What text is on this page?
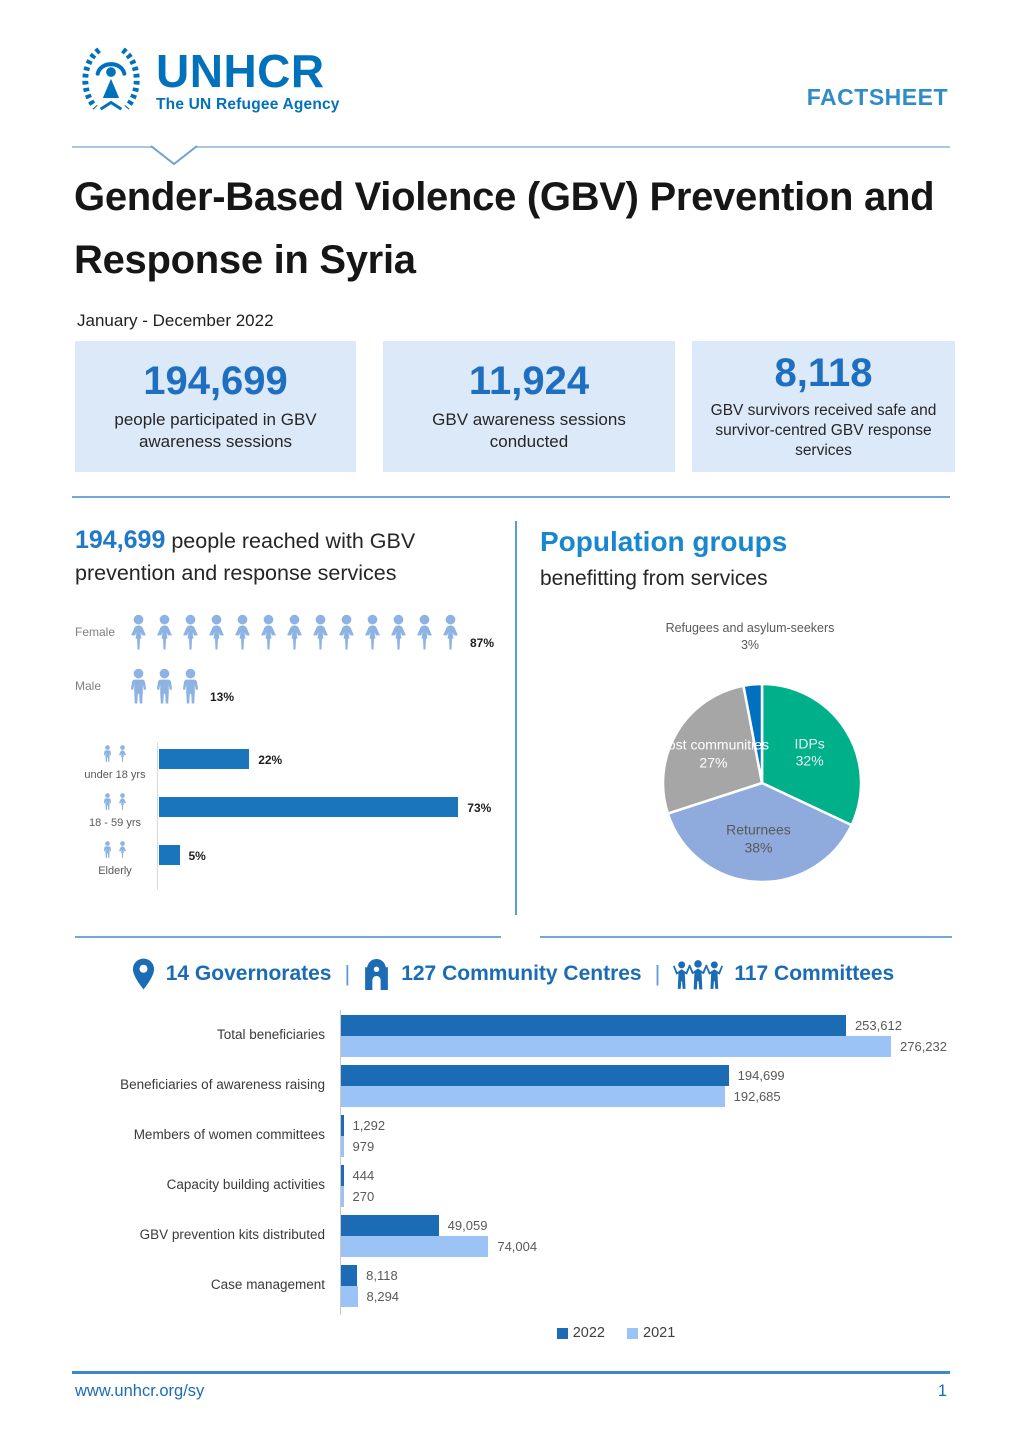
UNHCR
The UN Refugee Agency	FACTSHEET
Gender-Based Violence (GBV) Prevention and Response in Syria
January - December 2022
194,699
people participated in GBV awareness sessions
11,924
GBV awareness sessions conducted
8,118
GBV survivors received safe and survivor-centred GBV response services
194,699 people reached with GBV prevention and response services
Female
87%
Male
13%
under 18 yrs
22%
18 - 59 yrs
73%
Elderly
5%
Population groups
benefitting from services
Refugees and asylum-seekers
3%
IDPs
32%
Returnees
38%
Host communities
27%
14 Governorates | 127 Community Centres |	117 Committees
Total beneficiaries
253,612
276,232
Beneficiaries of awareness raising
194,699
192,685
Members of women committees
1,292
979
Capacity building activities
444
270
GBV prevention kits distributed
49,059
74,004
Case management
8,118
8,294
2022	2021
www.unhcr.org/sy	1
